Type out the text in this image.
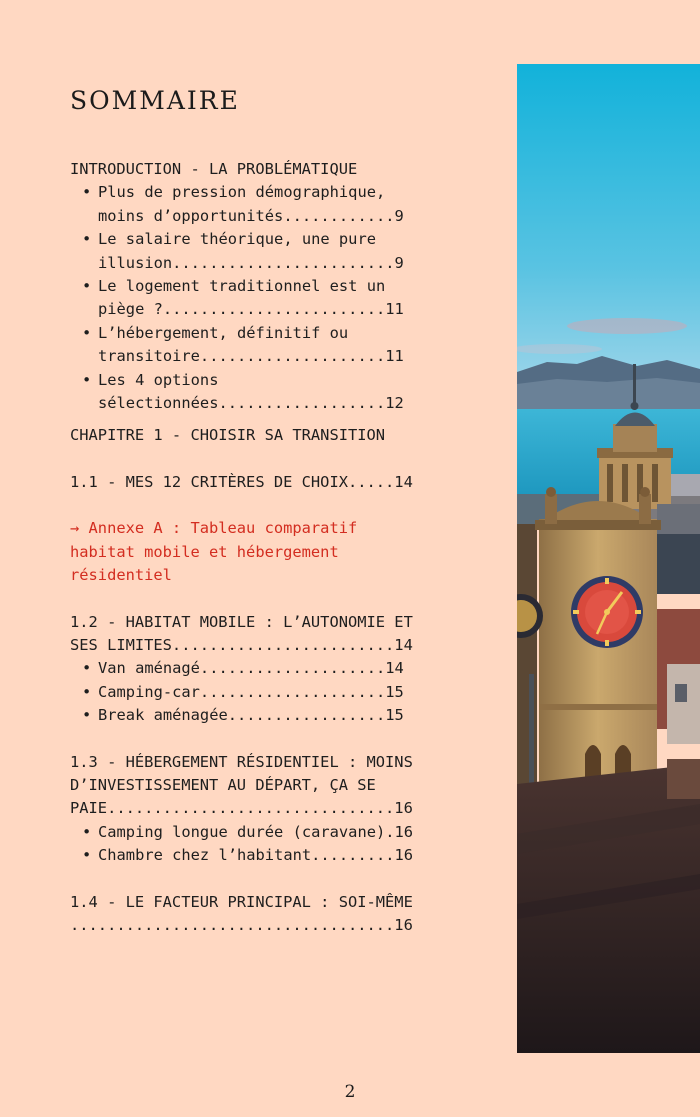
SOMMAIRE
INTRODUCTION - LA PROBLÉMATIQUE
• Plus de pression démographique,
moins d’opportunités............9
• Le salaire théorique, une pure
illusion........................9
• Le logement traditionnel est un
piège ?........................11
• L’hébergement, définitif ou
transitoire....................11
• Les 4 options
sélectionnées..................12
CHAPITRE 1 - CHOISIR SA TRANSITION
1.1 - MES 12 CRITÈRES DE CHOIX.....14
→ Annexe A : Tableau comparatif
habitat mobile et hébergement
résidentiel
1.2 - HABITAT MOBILE : L’AUTONOMIE ET
SES LIMITES........................14
• Van aménagé....................14
• Camping-car....................15
• Break aménagée.................15
1.3 - HÉBERGEMENT RÉSIDENTIEL : MOINS
D’INVESTISSEMENT AU DÉPART, ÇA SE
PAIE...............................16
• Camping longue durée (caravane).16
• Chambre chez l’habitant.........16
1.4 - LE FACTEUR PRINCIPAL : SOI-MÊME
...................................16
2
